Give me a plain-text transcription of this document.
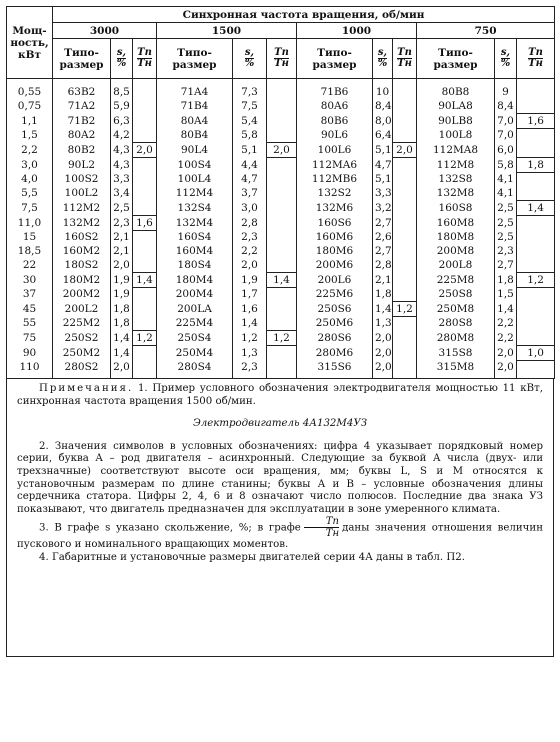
Мощ-ность, кВт	Синхронная частота вращения, об/мин											
	3000			1500			1000			750		
	Типо-размер	$\frac{s,}{\%}$	$\frac{Tп}{Tн}$	Типо-размер	$\frac{s,}{\%}$	$\frac{Tп}{Tн}$	Типо-размер	$\frac{s,}{\%}$	$\frac{Tп}{Tн}$	Типо-размер	$\frac{s,}{\%}$	$\frac{Tп}{Tн}$

0,55	63B2	8,5		71A4	7,3		71B6	10		80B8	9	
0,75	71A2	5,9		71B4	7,5		80A6	8,4		90LA8	8,4	
1,1	71B2	6,3		80A4	5,4		80B6	8,0		90LB8	7,0	1,6
1,5	80A2	4,2		80B4	5,8		90L6	6,4		100L8	7,0	
2,2	80B2	4,3	2,0	90L4	5,1	2,0	100L6	5,1	2,0	112MA8	6,0	
3,0	90L2	4,3		100S4	4,4		112MA6	4,7		112M8	5,8	1,8
4,0	100S2	3,3		100L4	4,7		112MB6	5,1		132S8	4,1	
5,5	100L2	3,4		112M4	3,7		132S2	3,3		132M8	4,1	
7,5	112M2	2,5		132S4	3,0		132M6	3,2		160S8	2,5	1,4
11,0	132M2	2,3	1,6	132M4	2,8		160S6	2,7		160M8	2,5	
15	160S2	2,1		160S4	2,3		160M6	2,6		180M8	2,5	
18,5	160M2	2,1		160M4	2,2		180M6	2,7		200M8	2,3	
22	180S2	2,0		180S4	2,0		200M6	2,8		200L8	2,7	
30	180M2	1,9	1,4	180M4	1,9	1,4	200L6	2,1		225M8	1,8	1,2
37	200M2	1,9		200M4	1,7		225M6	1,8		250S8	1,5	
45	200L2	1,8		200LA	1,6		250S6	1,4	1,2	250M8	1,4	
55	225M2	1,8		225M4	1,4		250M6	1,3		280S8	2,2	
75	250S2	1,4	1,2	250S4	1,2	1,2	280S6	2,0		280M8	2,2	
90	250M2	1,4		250M4	1,3		280M6	2,0		315S8	2,0	1,0
110	280S2	2,0		280S4	2,3		315S6	2,0		315M8	2,0	

Примечания. 1. Пример условного обозначения электродвигателя мощностью 11 кВт, синхронная частота вращения 1500 об/мин.

Электродвигатель 4А132М4УЗ

2. Значения символов в условных обозначениях: цифра 4 указывает порядковый номер серии, буква А – род двигателя – асинхронный. Следующие за буквой А числа (двух- или трехзначные) соответствуют высоте оси вращения, мм; буквы L, S и M относятся к установочным размерам по длине станины; буквы А и В – условные обозначения длины сердечника статора. Цифры 2, 4, 6 и 8 означают число полюсов. Последние два знака УЗ показывают, что двигатель предназначен для эксплуатации в зоне умеренного климата.

3. В графе s указано скольжение, %; в графе
Tп
Tн даны значения отношения величин пускового и номинального вращающих моментов.

4. Габаритные и установочные размеры двигателей серии 4А даны в табл. П2.
